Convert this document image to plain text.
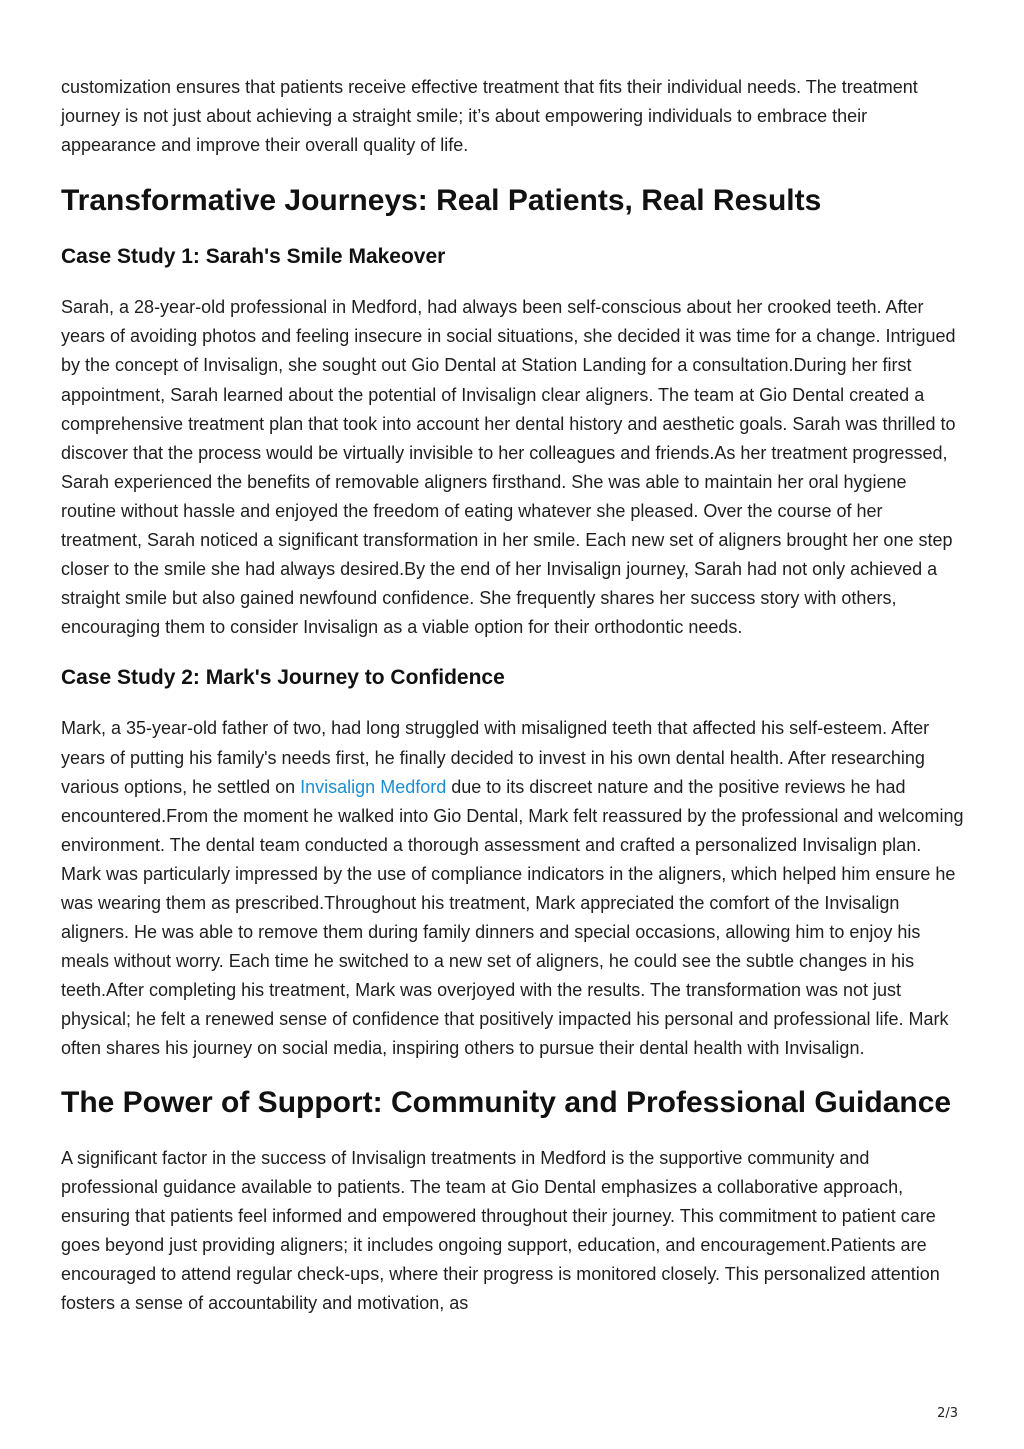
customization ensures that patients receive effective treatment that fits their individual needs. The treatment journey is not just about achieving a straight smile; it’s about empowering individuals to embrace their appearance and improve their overall quality of life.

Transformative Journeys: Real Patients, Real Results
Case Study 1: Sarah's Smile Makeover

Sarah, a 28-year-old professional in Medford, had always been self-conscious about her crooked teeth. After years of avoiding photos and feeling insecure in social situations, she decided it was time for a change. Intrigued by the concept of Invisalign, she sought out Gio Dental at Station Landing for a consultation.During her first appointment, Sarah learned about the potential of Invisalign clear aligners. The team at Gio Dental created a comprehensive treatment plan that took into account her dental history and aesthetic goals. Sarah was thrilled to discover that the process would be virtually invisible to her colleagues and friends.As her treatment progressed, Sarah experienced the benefits of removable aligners firsthand. She was able to maintain her oral hygiene routine without hassle and enjoyed the freedom of eating whatever she pleased. Over the course of her treatment, Sarah noticed a significant transformation in her smile. Each new set of aligners brought her one step closer to the smile she had always desired.By the end of her Invisalign journey, Sarah had not only achieved a straight smile but also gained newfound confidence. She frequently shares her success story with others, encouraging them to consider Invisalign as a viable option for their orthodontic needs.

Case Study 2: Mark's Journey to Confidence

Mark, a 35-year-old father of two, had long struggled with misaligned teeth that affected his self-esteem. After years of putting his family's needs first, he finally decided to invest in his own dental health. After researching various options, he settled on Invisalign Medford due to its discreet nature and the positive reviews he had encountered.From the moment he walked into Gio Dental, Mark felt reassured by the professional and welcoming environment. The dental team conducted a thorough assessment and crafted a personalized Invisalign plan. Mark was particularly impressed by the use of compliance indicators in the aligners, which helped him ensure he was wearing them as prescribed.Throughout his treatment, Mark appreciated the comfort of the Invisalign aligners. He was able to remove them during family dinners and special occasions, allowing him to enjoy his meals without worry. Each time he switched to a new set of aligners, he could see the subtle changes in his teeth.After completing his treatment, Mark was overjoyed with the results. The transformation was not just physical; he felt a renewed sense of confidence that positively impacted his personal and professional life. Mark often shares his journey on social media, inspiring others to pursue their dental health with Invisalign.

The Power of Support: Community and Professional Guidance

A significant factor in the success of Invisalign treatments in Medford is the supportive community and professional guidance available to patients. The team at Gio Dental emphasizes a collaborative approach, ensuring that patients feel informed and empowered throughout their journey. This commitment to patient care goes beyond just providing aligners; it includes ongoing support, education, and encouragement.Patients are encouraged to attend regular check-ups, where their progress is monitored closely. This personalized attention fosters a sense of accountability and motivation, as

2/3
